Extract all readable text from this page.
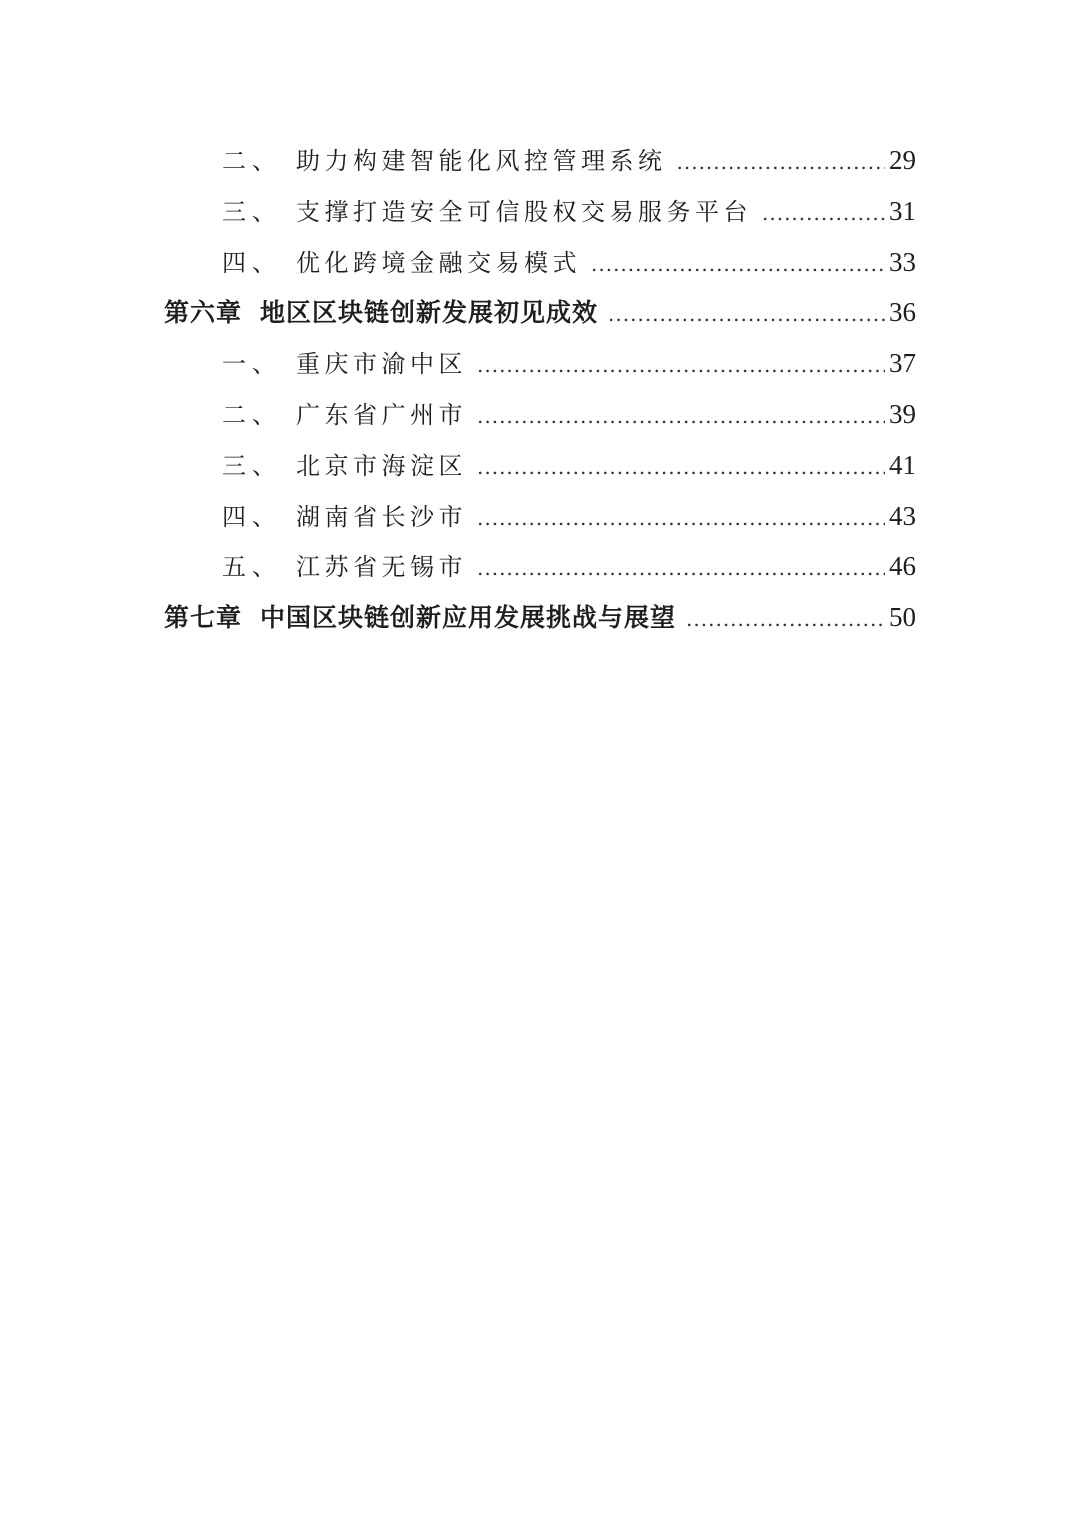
二、 助力构建智能化风控管理系统 .....	29
三、 支撑打造安全可信股权交易服务平台 .....	31
四、 优化跨境金融交易模式 .....	33
第六章 地区区块链创新发展初见成效 .....	36
一、 重庆市渝中区 .....	37
二、 广东省广州市 .....	39
三、 北京市海淀区 .....	41
四、 湖南省长沙市 .....	43
五、 江苏省无锡市 .....	46
第七章 中国区块链创新应用发展挑战与展望 .....	50
